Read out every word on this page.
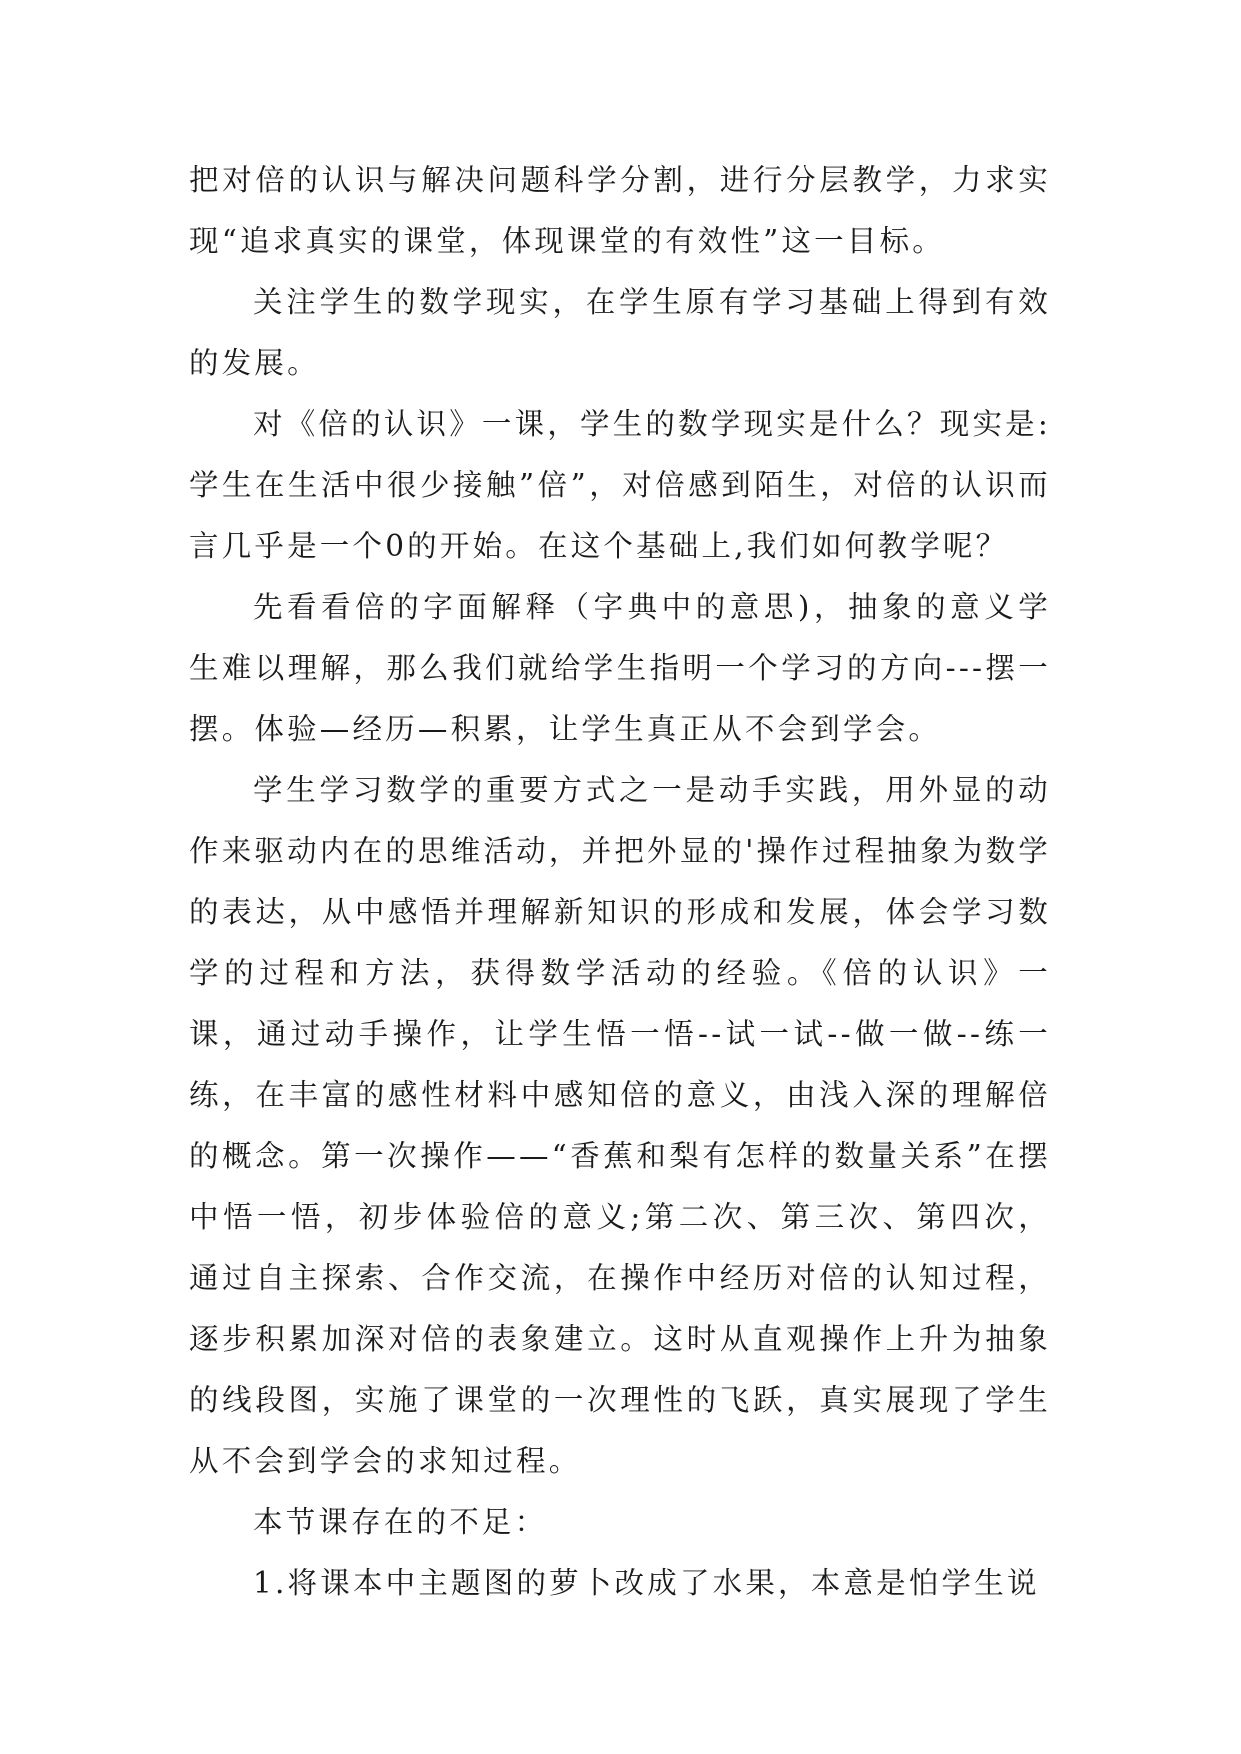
把对倍的认识与解决问题科学分割，进行分层教学，力求实现“追求真实的课堂，体现课堂的有效性”这一目标。

关注学生的数学现实，在学生原有学习基础上得到有效的发展。

对《倍的认识》一课，学生的数学现实是什么？现实是:学生在生活中很少接触”倍”，对倍感到陌生，对倍的认识而言几乎是一个0的开始。在这个基础上,我们如何教学呢？

先看看倍的字面解释（字典中的意思)，抽象的意义学生难以理解，那么我们就给学生指明一个学习的方向---摆一摆。体验—经历—积累，让学生真正从不会到学会。

学生学习数学的重要方式之一是动手实践，用外显的动作来驱动内在的思维活动，并把外显的'操作过程抽象为数学的表达，从中感悟并理解新知识的形成和发展，体会学习数学的过程和方法，获得数学活动的经验。《倍的认识》一课，通过动手操作，让学生悟一悟--试一试--做一做--练一练，在丰富的感性材料中感知倍的意义，由浅入深的理解倍的概念。第一次操作——“香蕉和梨有怎样的数量关系”在摆中悟一悟，初步体验倍的意义;第二次、第三次、第四次，通过自主探索、合作交流，在操作中经历对倍的认知过程，逐步积累加深对倍的表象建立。这时从直观操作上升为抽象的线段图，实施了课堂的一次理性的飞跃，真实展现了学生从不会到学会的求知过程。

本节课存在的不足：

1.将课本中主题图的萝卜改成了水果，本意是怕学生说
